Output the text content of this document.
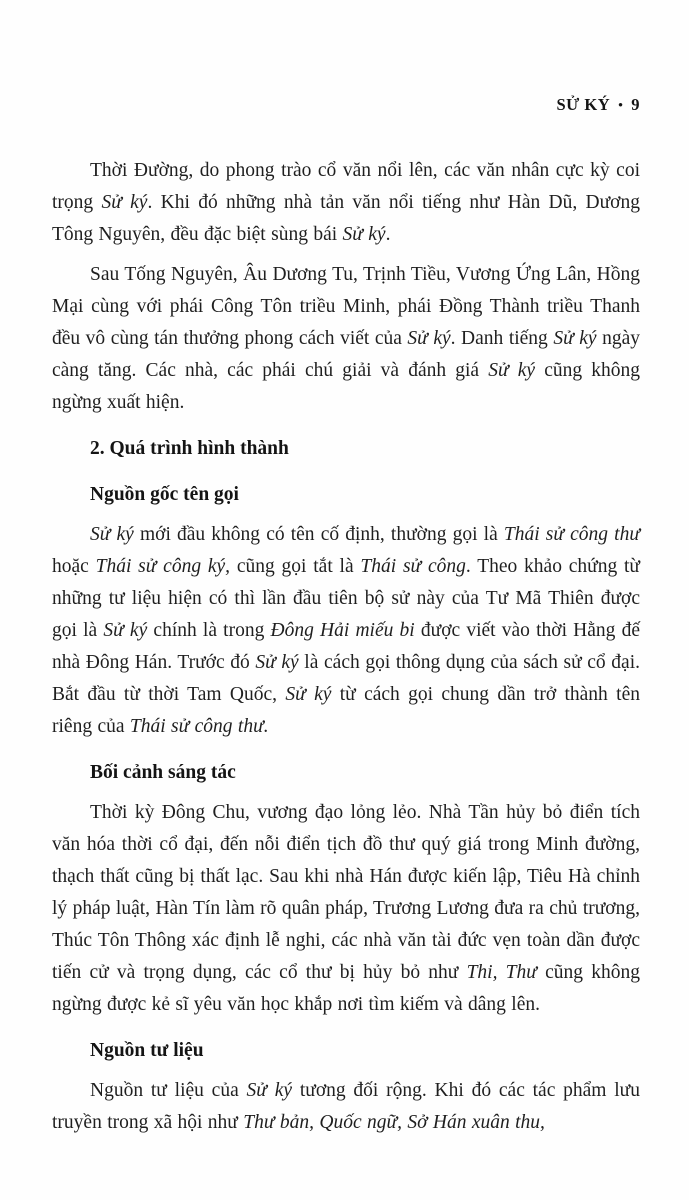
SỬ KÝ • 9

Thời Đường, do phong trào cổ văn nổi lên, các văn nhân cực kỳ coi trọng Sử ký. Khi đó những nhà tản văn nổi tiếng như Hàn Dũ, Dương Tông Nguyên, đều đặc biệt sùng bái Sử ký.

Sau Tống Nguyên, Âu Dương Tu, Trịnh Tiều, Vương Ứng Lân, Hồng Mại cùng với phái Công Tôn triều Minh, phái Đồng Thành triều Thanh đều vô cùng tán thưởng phong cách viết của Sử ký. Danh tiếng Sử ký ngày càng tăng. Các nhà, các phái chú giải và đánh giá Sử ký cũng không ngừng xuất hiện.

2. Quá trình hình thành
Nguồn gốc tên gọi

Sử ký mới đầu không có tên cố định, thường gọi là Thái sử công thư hoặc Thái sử công ký, cũng gọi tắt là Thái sử công. Theo khảo chứng từ những tư liệu hiện có thì lần đầu tiên bộ sử này của Tư Mã Thiên được gọi là Sử ký chính là trong Đông Hải miếu bi được viết vào thời Hằng đế nhà Đông Hán. Trước đó Sử ký là cách gọi thông dụng của sách sử cổ đại. Bắt đầu từ thời Tam Quốc, Sử ký từ cách gọi chung dần trở thành tên riêng của Thái sử công thư.

Bối cảnh sáng tác

Thời kỳ Đông Chu, vương đạo lỏng lẻo. Nhà Tần hủy bỏ điển tích văn hóa thời cổ đại, đến nỗi điển tịch đồ thư quý giá trong Minh đường, thạch thất cũng bị thất lạc. Sau khi nhà Hán được kiến lập, Tiêu Hà chỉnh lý pháp luật, Hàn Tín làm rõ quân pháp, Trương Lương đưa ra chủ trương, Thúc Tôn Thông xác định lễ nghi, các nhà văn tài đức vẹn toàn dần được tiến cử và trọng dụng, các cổ thư bị hủy bỏ như Thi, Thư cũng không ngừng được kẻ sĩ yêu văn học khắp nơi tìm kiếm và dâng lên.

Nguồn tư liệu

Nguồn tư liệu của Sử ký tương đối rộng. Khi đó các tác phẩm lưu truyền trong xã hội như Thư bản, Quốc ngữ, Sở Hán xuân thu,
